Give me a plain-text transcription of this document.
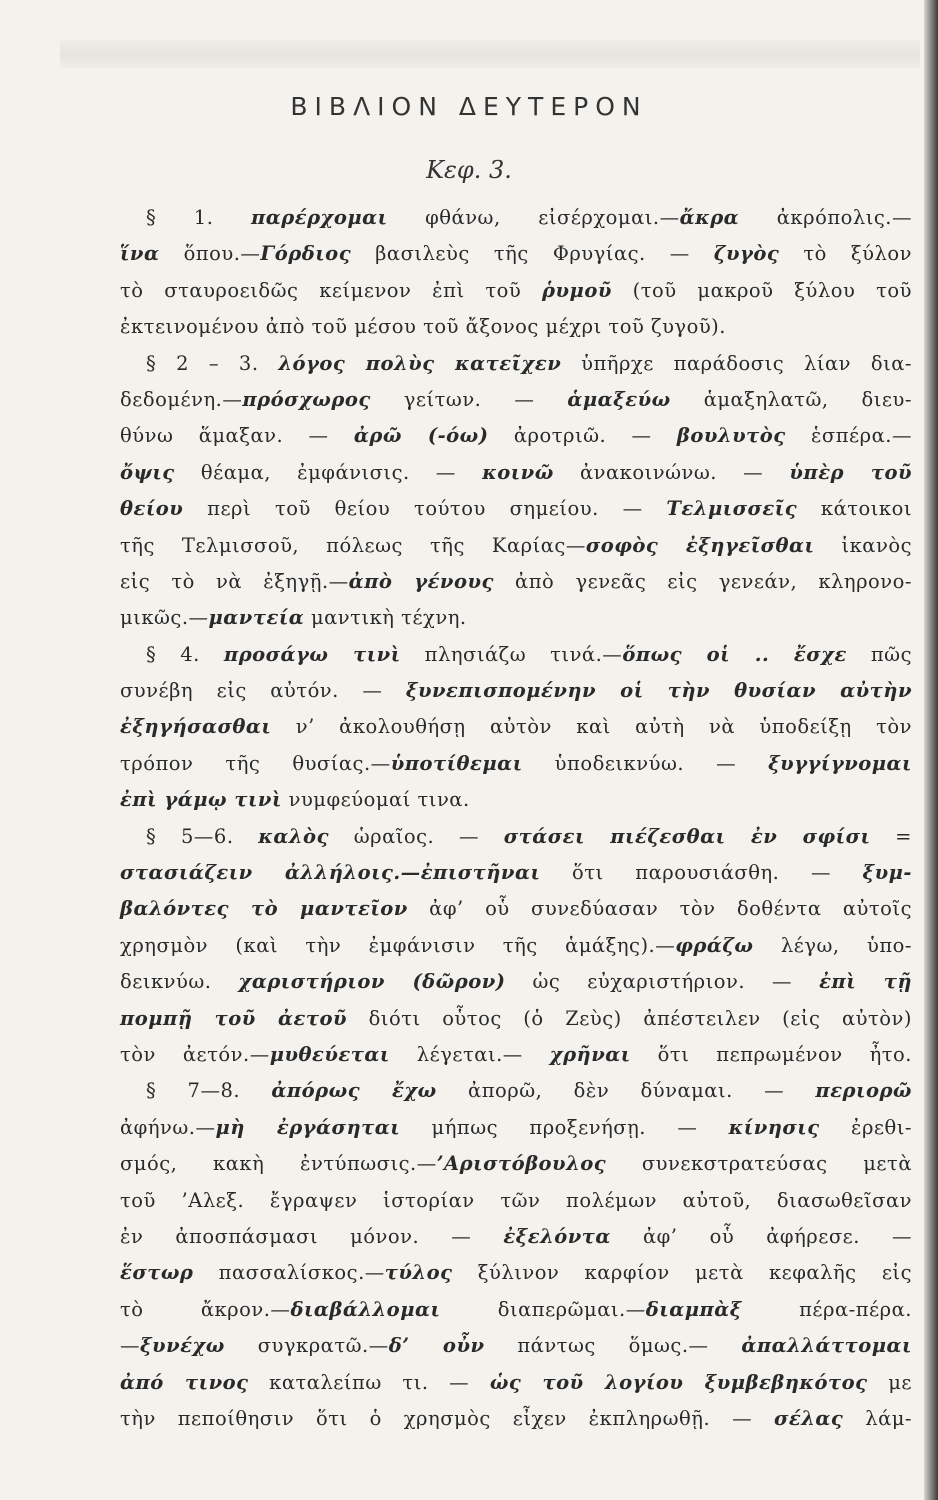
ΒΙΒΛΙΟΝ ΔΕΥΤΕΡΟΝ
Κεφ. 3.
§ 1. παρέρχομαι φθάνω, εἰσέρχομαι.—ἄκρα ἀκρόπολις.—
ἵνα ὅπου.—Γόρδιος βασιλεὺς τῆς Φρυγίας. — ζυγὸς τὸ ξύλον
τὸ σταυροειδῶς κείμενον ἐπὶ τοῦ ῥυμοῦ (τοῦ μακροῦ ξύλου τοῦ
ἐκτεινομένου ἀπὸ τοῦ μέσου τοῦ ἄξονος μέχρι τοῦ ζυγοῦ).
§ 2 – 3. λόγος πολὺς κατεῖχεν ὑπῆρχε παράδοσις λίαν δια-
δεδομένη.—πρόσχωρος γείτων. — ἁμαξεύω ἁμαξηλατῶ, διευ-
θύνω ἅμαξαν. — ἀρῶ (-όω) ἀροτριῶ. — βουλυτὸς ἑσπέρα.—
ὄψις θέαμα, ἐμφάνισις. — κοινῶ ἀνακοινώνω. — ὑπὲρ τοῦ
θείου περὶ τοῦ θείου τούτου σημείου. — Τελμισσεῖς κάτοικοι
τῆς Τελμισσοῦ, πόλεως τῆς Καρίας—σοφὸς ἐξηγεῖσθαι ἱκανὸς
εἰς τὸ νὰ ἐξηγῇ.—ἀπὸ γένους ἀπὸ γενεᾶς εἰς γενεάν, κληρονο-
μικῶς.—μαντεία μαντικὴ τέχνη.
§ 4. προσάγω τινὶ πλησιάζω τινά.—ὅπως οἱ .. ἔσχε πῶς
συνέβη εἰς αὐτόν. — ξυνεπισπομένην οἱ τὴν θυσίαν αὐτὴν
ἐξηγήσασθαι ν’ ἀκολουθήσῃ αὐτὸν καὶ αὐτὴ νὰ ὑποδείξῃ τὸν
τρόπον τῆς θυσίας.—ὑποτίθεμαι ὑποδεικνύω. — ξυγγίγνομαι
ἐπὶ γάμῳ τινὶ νυμφεύομαί τινα.
§ 5—6. καλὸς ὡραῖος. — στάσει πιέζεσθαι ἐν σφίσι =
στασιάζειν ἀλλήλοις.—ἐπιστῆναι ὅτι παρουσιάσθη. — ξυμ-
βαλόντες τὸ μαντεῖον ἀφ’ οὗ συνεδύασαν τὸν δοθέντα αὐτοῖς
χρησμὸν (καὶ τὴν ἐμφάνισιν τῆς ἁμάξης).—φράζω λέγω, ὑπο-
δεικνύω. χαριστήριον (δῶρον) ὡς εὐχαριστήριον. — ἐπὶ τῇ
πομπῇ τοῦ ἀετοῦ διότι οὗτος (ὁ Ζεὺς) ἀπέστειλεν (εἰς αὐτὸν)
τὸν ἀετόν.—μυθεύεται λέγεται.— χρῆναι ὅτι πεπρωμένον ἦτο.
§ 7—8. ἀπόρως ἔχω ἀπορῶ, δὲν δύναμαι. — περιορῶ
ἀφήνω.—μὴ ἐργάσηται μήπως προξενήσῃ. — κίνησις ἐρεθι-
σμός, κακὴ ἐντύπωσις.—’Αριστόβουλος συνεκστρατεύσας μετὰ
τοῦ ’Αλεξ. ἔγραψεν ἱστορίαν τῶν πολέμων αὐτοῦ, διασωθεῖσαν
ἐν ἀποσπάσμασι μόνον. — ἐξελόντα ἀφ’ οὗ ἀφήρεσε. —
ἕστωρ πασσαλίσκος.—τύλος ξύλινον καρφίον μετὰ κεφαλῆς εἰς
τὸ ἄκρον.—διαβάλλομαι διαπερῶμαι.—διαμπὰξ πέρα-πέρα.
—ξυνέχω συγκρατῶ.—δ’ οὖν πάντως ὅμως.— ἀπαλλάττομαι
ἀπό τινος καταλείπω τι. — ὡς τοῦ λογίου ξυμβεβηκότος με
τὴν πεποίθησιν ὅτι ὁ χρησμὸς εἶχεν ἐκπληρωθῇ. — σέλας λάμ-
